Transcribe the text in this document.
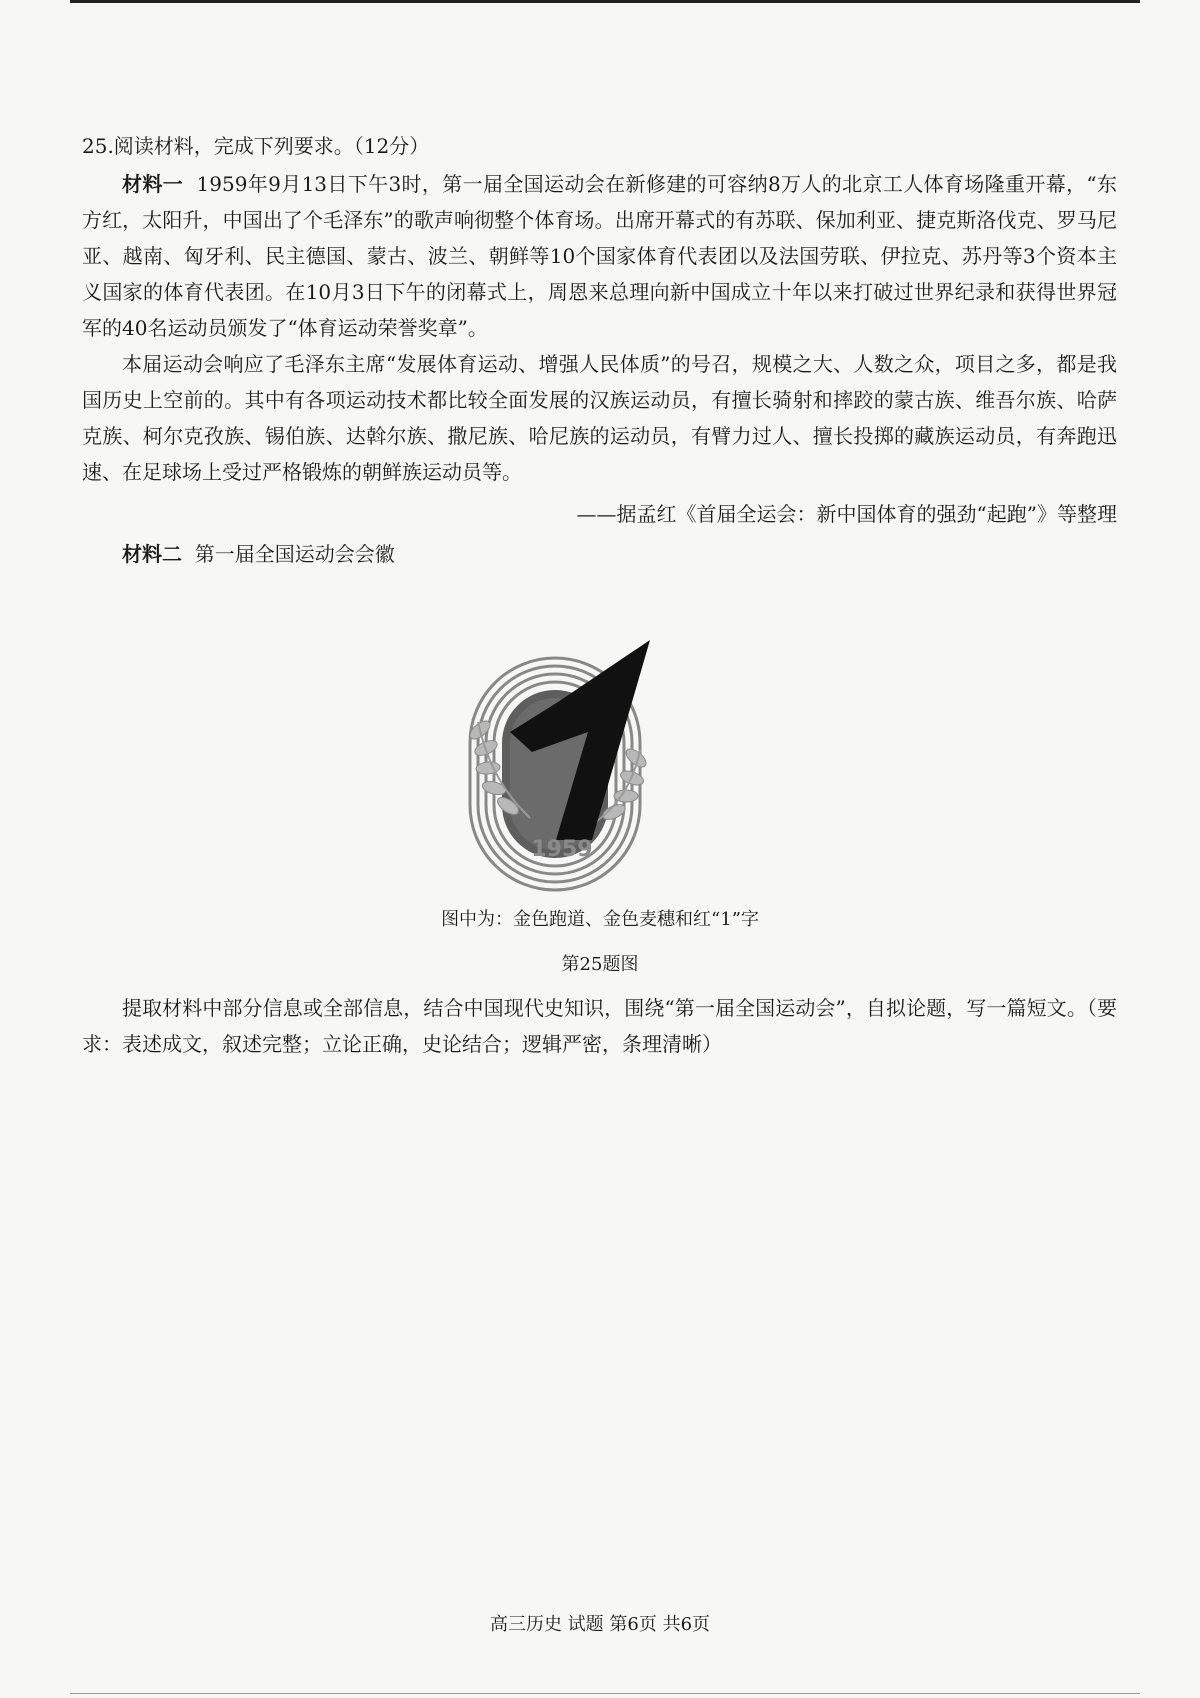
25.阅读材料，完成下列要求。（12分）

材料一 1959年9月13日下午3时，第一届全国运动会在新修建的可容纳8万人的北京工人体育场隆重开幕，“东方红，太阳升，中国出了个毛泽东”的歌声响彻整个体育场。出席开幕式的有苏联、保加利亚、捷克斯洛伐克、罗马尼亚、越南、匈牙利、民主德国、蒙古、波兰、朝鲜等10个国家体育代表团以及法国劳联、伊拉克、苏丹等3个资本主义国家的体育代表团。在10月3日下午的闭幕式上，周恩来总理向新中国成立十年以来打破过世界纪录和获得世界冠军的40名运动员颁发了“体育运动荣誉奖章”。

本届运动会响应了毛泽东主席“发展体育运动、增强人民体质”的号召，规模之大、人数之众，项目之多，都是我国历史上空前的。其中有各项运动技术都比较全面发展的汉族运动员，有擅长骑射和摔跤的蒙古族、维吾尔族、哈萨克族、柯尔克孜族、锡伯族、达斡尔族、撒尼族、哈尼族的运动员，有臂力过人、擅长投掷的藏族运动员，有奔跑迅速、在足球场上受过严格锻炼的朝鲜族运动员等。

——据孟红《首届全运会：新中国体育的强劲“起跑”》等整理

材料二 第一届全国运动会会徽

1959
图中为：金色跑道、金色麦穗和红“1”字
第25题图

提取材料中部分信息或全部信息，结合中国现代史知识，围绕“第一届全国运动会”，自拟论题，写一篇短文。（要求：表述成文，叙述完整；立论正确，史论结合；逻辑严密，条理清晰）

高三历史 试题 第6页 共6页
